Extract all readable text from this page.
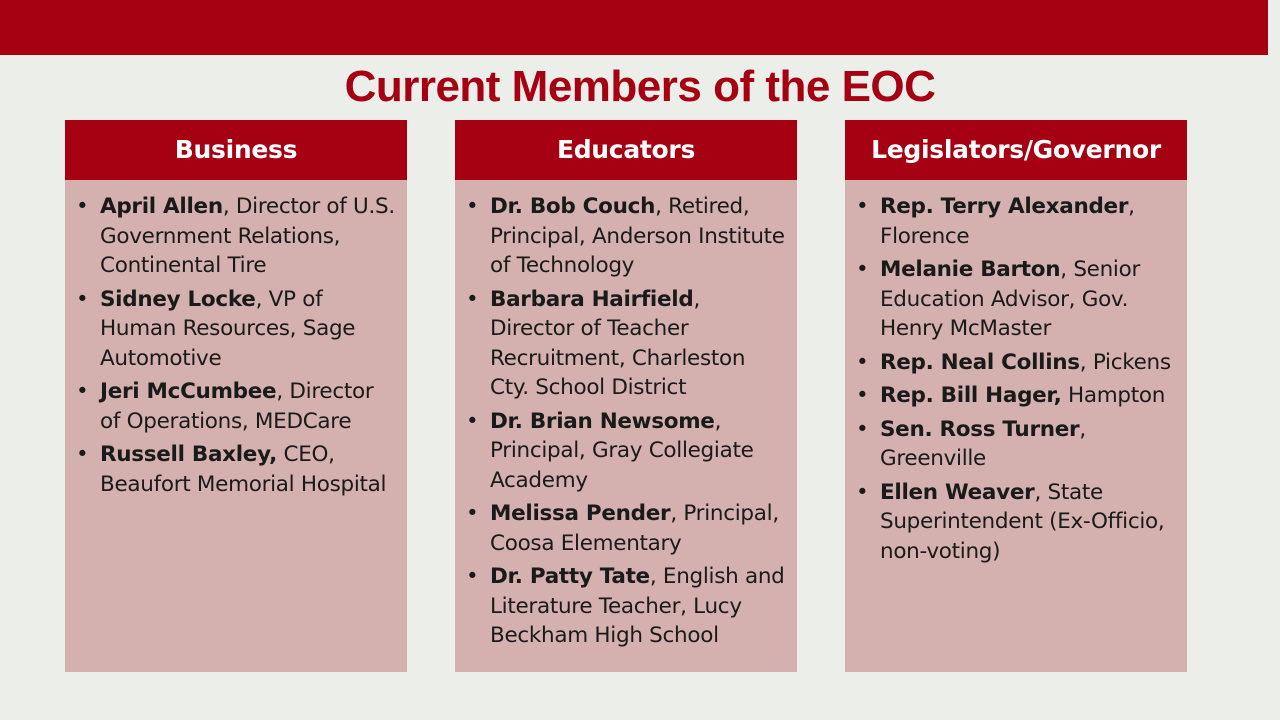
Current Members of the EOC
Business
• April Allen, Director of U.S. Government Relations, Continental Tire
• Sidney Locke, VP of Human Resources, Sage Automotive
• Jeri McCumbee, Director of Operations, MEDCare
• Russell Baxley, CEO, Beaufort Memorial Hospital
Educators
• Dr. Bob Couch, Retired, Principal, Anderson Institute of Technology
• Barbara Hairfield, Director of Teacher Recruitment, Charleston Cty. School District
• Dr. Brian Newsome, Principal, Gray Collegiate Academy
• Melissa Pender, Principal, Coosa Elementary
• Dr. Patty Tate, English and Literature Teacher, Lucy Beckham High School
Legislators/Governor
• Rep. Terry Alexander, Florence
• Melanie Barton, Senior Education Advisor, Gov. Henry McMaster
• Rep. Neal Collins, Pickens
• Rep. Bill Hager, Hampton
• Sen. Ross Turner, Greenville
• Ellen Weaver, State Superintendent (Ex-Officio, non-voting)
